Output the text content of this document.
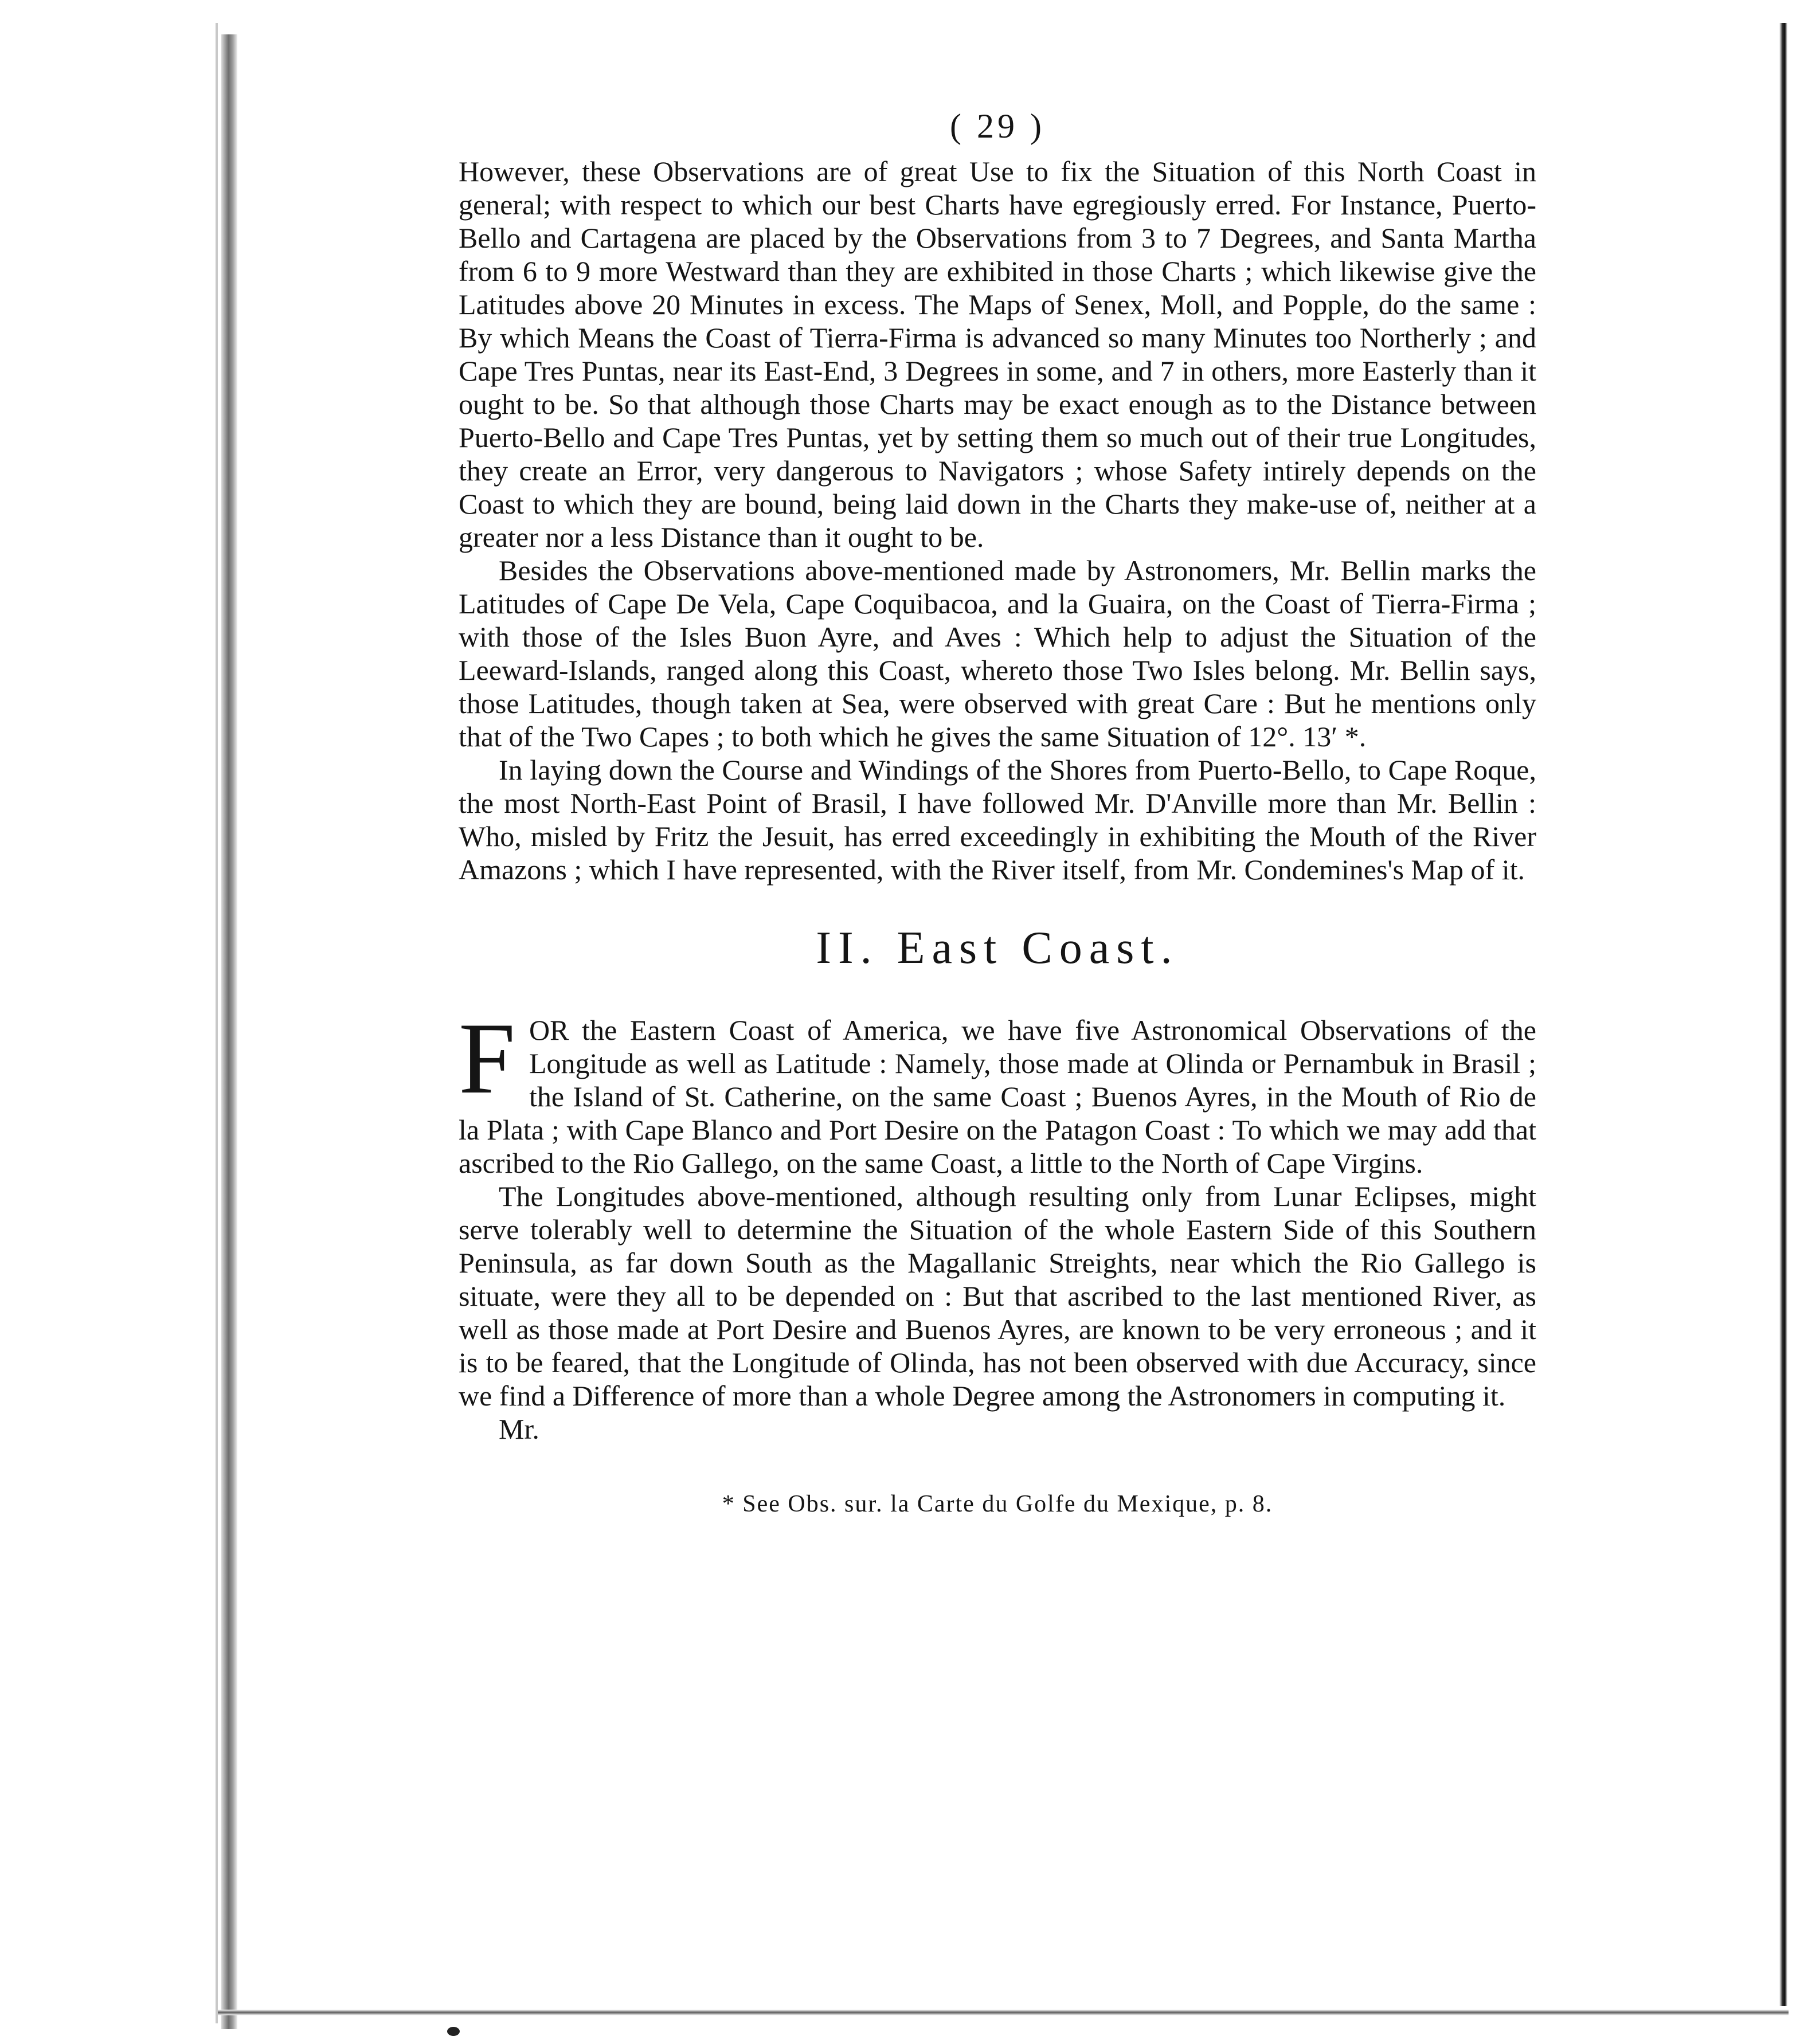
( 29 )

However, these Observations are of great Use to fix the Situation of this North Coast in general; with respect to which our best Charts have egregiously erred. For Instance, Puerto-Bello and Cartagena are placed by the Observations from 3 to 7 Degrees, and Santa Martha from 6 to 9 more Westward than they are exhibited in those Charts ; which likewise give the Latitudes above 20 Minutes in excess. The Maps of Senex, Moll, and Popple, do the same : By which Means the Coast of Tierra-Firma is advanced so many Minutes too Northerly ; and Cape Tres Puntas, near its East-End, 3 Degrees in some, and 7 in others, more Easterly than it ought to be. So that although those Charts may be exact enough as to the Distance between Puerto-Bello and Cape Tres Puntas, yet by setting them so much out of their true Longitudes, they create an Error, very dangerous to Navigators ; whose Safety intirely depends on the Coast to which they are bound, being laid down in the Charts they make-use of, neither at a greater nor a less Distance than it ought to be.

Besides the Observations above-mentioned made by Astronomers, Mr. Bellin marks the Latitudes of Cape De Vela, Cape Coquibacoa, and la Guaira, on the Coast of Tierra-Firma ; with those of the Isles Buon Ayre, and Aves : Which help to adjust the Situation of the Leeward-Islands, ranged along this Coast, whereto those Two Isles belong. Mr. Bellin says, those Latitudes, though taken at Sea, were observed with great Care : But he mentions only that of the Two Capes ; to both which he gives the same Situation of 12°. 13′ *.

In laying down the Course and Windings of the Shores from Puerto-Bello, to Cape Roque, the most North-East Point of Brasil, I have followed Mr. D'Anville more than Mr. Bellin : Who, misled by Fritz the Jesuit, has erred exceedingly in exhibiting the Mouth of the River Amazons ; which I have represented, with the River itself, from Mr. Condemines's Map of it.

II. East Coast.

FOR the Eastern Coast of America, we have five Astronomical Observations of the Longitude as well as Latitude : Namely, those made at Olinda or Pernambuk in Brasil ; the Island of St. Catherine, on the same Coast ; Buenos Ayres, in the Mouth of Rio de la Plata ; with Cape Blanco and Port Desire on the Patagon Coast : To which we may add that ascribed to the Rio Gallego, on the same Coast, a little to the North of Cape Virgins.

The Longitudes above-mentioned, although resulting only from Lunar Eclipses, might serve tolerably well to determine the Situation of the whole Eastern Side of this Southern Peninsula, as far down South as the Magallanic Streights, near which the Rio Gallego is situate, were they all to be depended on : But that ascribed to the last mentioned River, as well as those made at Port Desire and Buenos Ayres, are known to be very erroneous ; and it is to be feared, that the Longitude of Olinda, has not been observed with due Accuracy, since we find a Difference of more than a whole Degree among the Astronomers in computing it.

Mr.

* See Obs. sur. la Carte du Golfe du Mexique, p. 8.
